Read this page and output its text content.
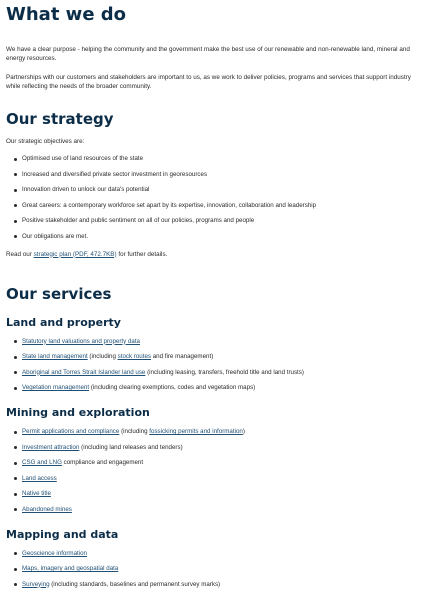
What we do

We have a clear purpose - helping the community and the government make the best use of our renewable and non-renewable land, mineral and energy resources.

Partnerships with our customers and stakeholders are important to us, as we work to deliver policies, programs and services that support industry while reflecting the needs of the broader community.

Our strategy

Our strategic objectives are:

Optimised use of land resources of the state
Increased and diversified private sector investment in georesources
Innovation driven to unlock our data's potential
Great careers: a contemporary workforce set apart by its expertise, innovation, collaboration and leadership
Positive stakeholder and public sentiment on all of our policies, programs and people
Our obligations are met.

Read our strategic plan (PDF, 472.7KB) for further details.

Our services
Land and property
Statutory land valuations and property data
State land management (including stock routes and fire management)
Aboriginal and Torres Strait Islander land use (including leasing, transfers, freehold title and land trusts)
Vegetation management (including clearing exemptions, codes and vegetation maps)
Mining and exploration
Permit applications and compliance (including fossicking permits and information)
Investment attraction (including land releases and tenders)
CSG and LNG compliance and engagement
Land access
Native title
Abandoned mines
Mapping and data
Geoscience information
Maps, imagery and geospatial data
Surveying (including standards, baselines and permanent survey marks)
